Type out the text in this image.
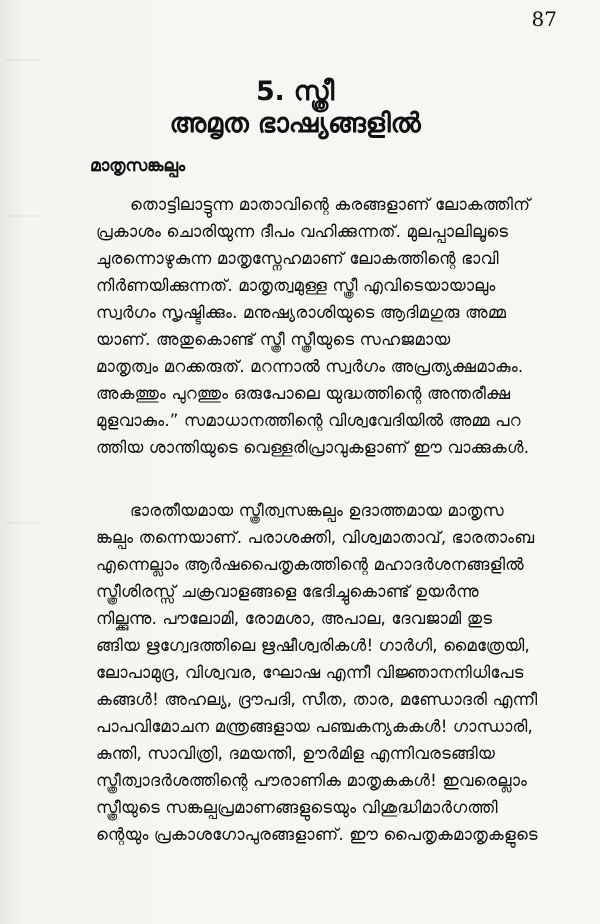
87
5. സ്ത്രീ
അമൃത ഭാഷ്യങ്ങളിൽ
മാതൃസങ്കല്പം
തൊട്ടിലാട്ടുന്ന മാതാവിന്റെ കരങ്ങളാണ് ലോകത്തിന്
പ്രകാശം ചൊരിയുന്ന ദീപം വഹിക്കുന്നത്. മുലപ്പാലിലൂടെ
ചുരന്നൊഴുകുന്ന മാതൃസ്നേഹമാണ് ലോകത്തിന്റെ ഭാവി
നിർണയിക്കുന്നത്. മാതൃത്വമുള്ള സ്ത്രീ എവിടെയായാലും
സ്വർഗം സൃഷ്ടിക്കും. മനുഷ്യരാശിയുടെ ആദിമഗുരു അമ്മ
യാണ്. അതുകൊണ്ട് സ്ത്രീ സ്ത്രീയുടെ സഹജമായ
മാതൃത്വം മറക്കരുത്. മറന്നാൽ സ്വർഗം അപ്രത്യക്ഷമാകും.
അകത്തും പുറത്തും ഒരുപോലെ യുദ്ധത്തിന്റെ അന്തരീക്ഷ
മുളവാകും.” സമാധാനത്തിന്റെ വിശ്വവേദിയിൽ അമ്മ പറ
ത്തിയ ശാന്തിയുടെ വെള്ളരിപ്രാവുകളാണ് ഈ വാക്കുകൾ.
ഭാരതീയമായ സ്ത്രീത്വസങ്കല്പം ഉദാത്തമായ മാതൃസ
ങ്കല്പം തന്നെയാണ്. പരാശക്തി, വിശ്വമാതാവ്, ഭാരതാംബ
എന്നെല്ലാം ആർഷപൈതൃകത്തിന്റെ മഹാദർശനങ്ങളിൽ
സ്ത്രീശിരസ്സ് ചക്രവാളങ്ങളെ ഭേദിച്ചുകൊണ്ട് ഉയർന്നു
നില്ക്കുന്നു. പൗലോമി, രോമശാ, അപാല, ദേവജാമി തുട
ങ്ങിയ ഋഗ്വേദത്തിലെ ഋഷീശ്വരികൾ! ഗാർഗി, മൈത്രേയി,
ലോപാമുദ്ര, വിശ്വവര, ഘോഷ എന്നീ വിജ്ഞാനനിധിപേട
കങ്ങൾ! അഹല്യ, ദ്രൗപദി, സീത, താര, മണ്ഡോദരി എന്നീ
പാപവിമോചന മന്ത്രങ്ങളായ പഞ്ചകന്യകകൾ! ഗാന്ധാരി,
കുന്തി, സാവിത്രി, ദമയന്തി, ഊർമിള എന്നിവരടങ്ങിയ
സ്ത്രീത്വാദർശത്തിന്റെ പൗരാണിക മാതൃകകൾ! ഇവരെല്ലാം
സ്ത്രീയുടെ സങ്കല്പപ്രമാണങ്ങളുടെയും വിശുദ്ധിമാർഗത്തി
ന്റെയും പ്രകാശഗോപുരങ്ങളാണ്. ഈ പൈതൃകമാതൃകളുടെ
